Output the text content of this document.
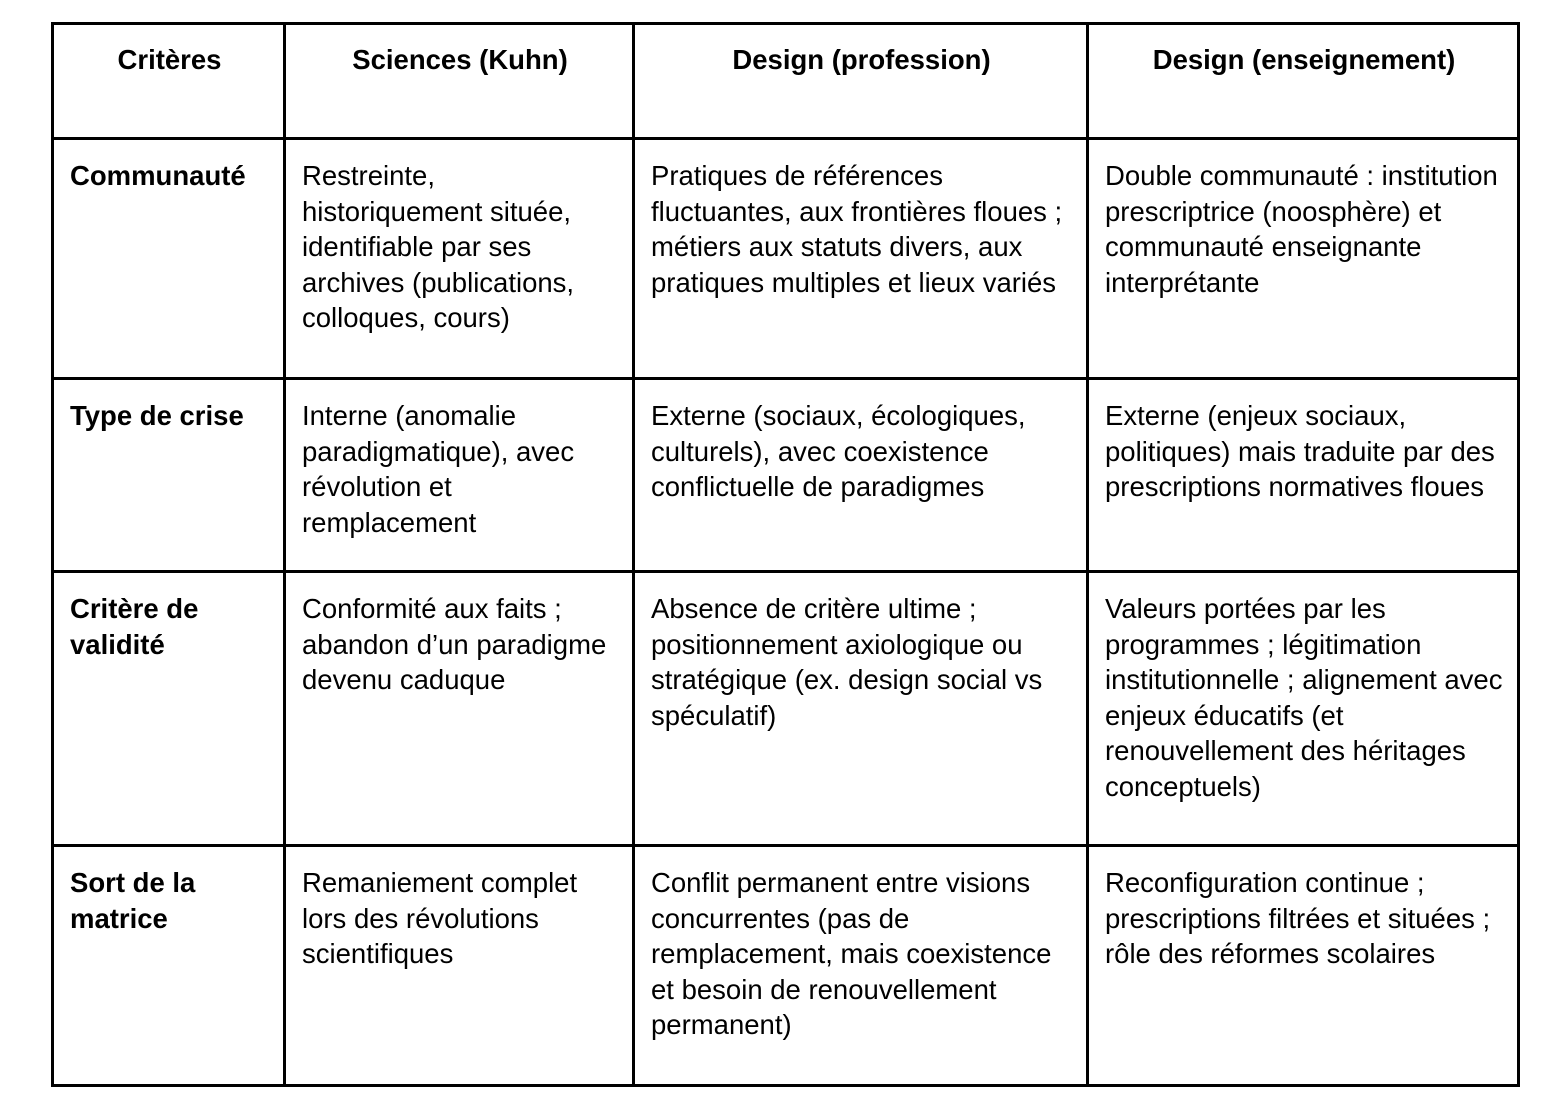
Critères	Sciences (Kuhn)	Design (profession)	Design (enseignement)
Communauté	Restreinte, historiquement située, identifiable par ses archives (publications, colloques, cours)	Pratiques de références fluctuantes, aux frontières floues ; métiers aux statuts divers, aux pratiques multiples et lieux variés	Double communauté : institution prescriptrice (noosphère) et communauté enseignante interprétante
Type de crise	Interne (anomalie paradigmatique), avec révolution et remplacement	Externe (sociaux, écologiques, culturels), avec coexistence conflictuelle de paradigmes	Externe (enjeux sociaux, politiques) mais traduite par des prescriptions normatives floues
Critère de validité	Conformité aux faits ; abandon d’un paradigme devenu caduque	Absence de critère ultime ; positionnement axiologique ou stratégique (ex. design social vs spéculatif)	Valeurs portées par les programmes ; légitimation institutionnelle ; alignement avec enjeux éducatifs (et renouvellement des héritages conceptuels)
Sort de la matrice	Remaniement complet lors des révolutions scientifiques	Conflit permanent entre visions concurrentes (pas de remplacement, mais coexistence et besoin de renouvellement permanent)	Reconfiguration continue ; prescriptions filtrées et situées ; rôle des réformes scolaires
